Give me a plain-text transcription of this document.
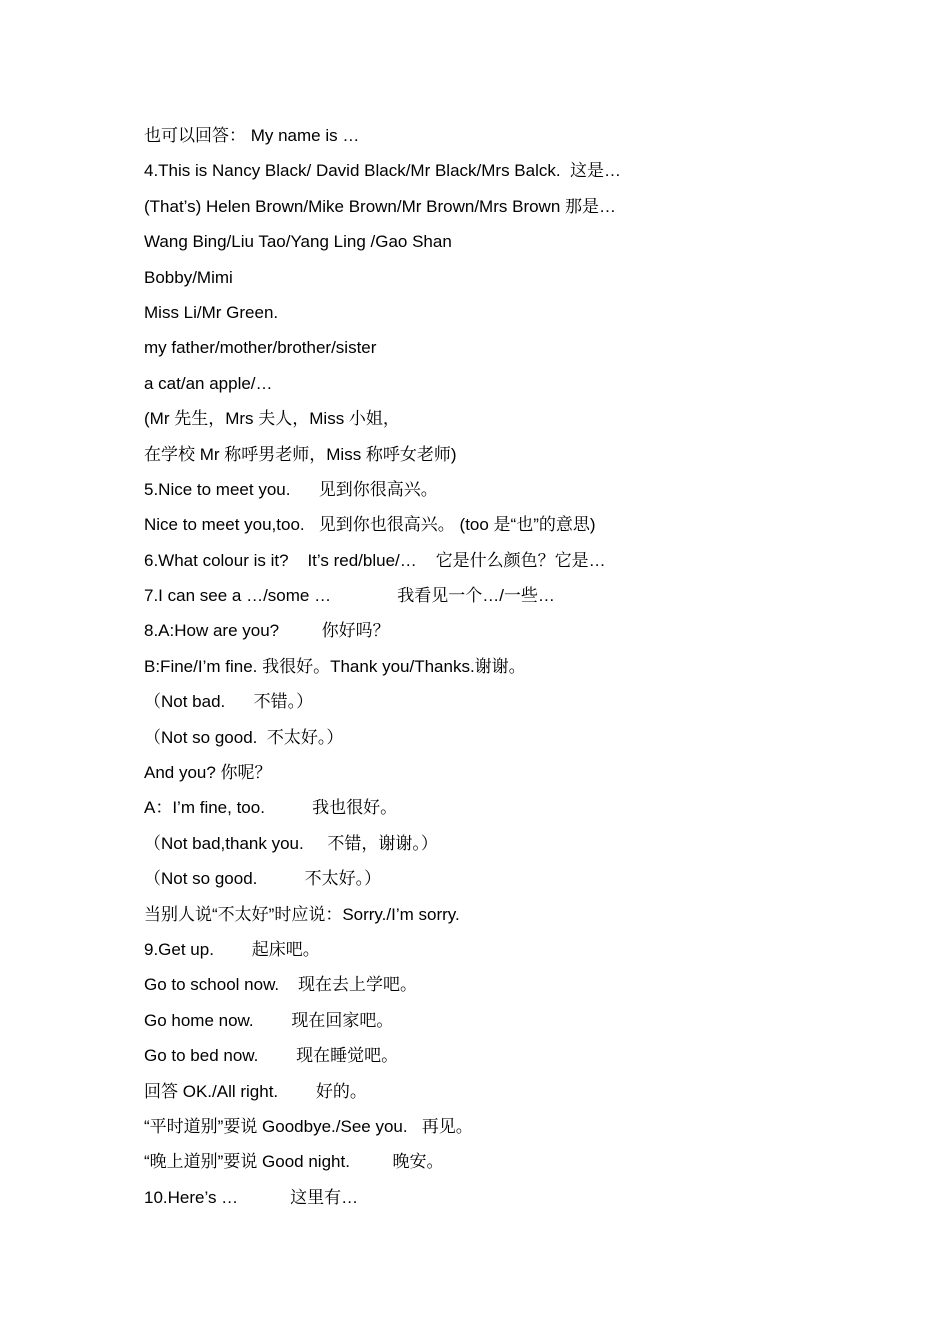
也可以回答： My name is …
4.This is Nancy Black/ David Black/Mr Black/Mrs Balck.  这是…
(That’s) Helen Brown/Mike Brown/Mr Brown/Mrs Brown 那是…
Wang Bing/Liu Tao/Yang Ling /Gao Shan
Bobby/Mimi
Miss Li/Mr Green.
my father/mother/brother/sister
a cat/an apple/…
(Mr 先生，Mrs 夫人，Miss 小姐，
在学校 Mr 称呼男老师，Miss 称呼女老师)
5.Nice to meet you.      见到你很高兴。
Nice to meet you,too.   见到你也很高兴。 (too 是“也”的意思)
6.What colour is it?    It’s red/blue/…    它是什么颜色？它是…
7.I can see a …/some …              我看见一个…/一些…
8.A:How are you?         你好吗？
B:Fine/I’m fine. 我很好。Thank you/Thanks.谢谢。
（Not bad.      不错。）
（Not so good.  不太好。）
And you? 你呢？
A：I’m fine, too.          我也很好。
（Not bad,thank you.     不错，谢谢。）
（Not so good.          不太好。）
当别人说“不太好”时应说：Sorry./I’m sorry.
9.Get up.        起床吧。
Go to school now.    现在去上学吧。
Go home now.        现在回家吧。
Go to bed now.        现在睡觉吧。
回答 OK./All right.        好的。
“平时道别”要说 Goodbye./See you.   再见。
“晚上道别”要说 Good night.         晚安。
10.Here’s …           这里有…
